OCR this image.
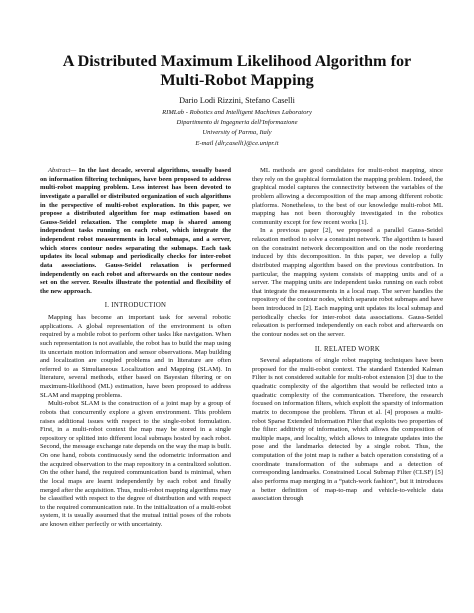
A Distributed Maximum Likelihood Algorithm for Multi-Robot Mapping
Dario Lodi Rizzini, Stefano Caselli
RIMLab - Robotics and Intelligent Machines Laboratory
Dipartimento di Ingegneria dell'Informazione
University of Parma, Italy
E-mail {dlr,caselli}@ce.unipr.it

Abstract— In the last decade, several algorithms, usually based on information filtering techniques, have been proposed to address multi-robot mapping problem. Less interest has been devoted to investigate a parallel or distributed organization of such algorithms in the perspective of multi-robot exploration. In this paper, we propose a distributed algorithm for map estimation based on Gauss-Seidel relaxation. The complete map is shared among independent tasks running on each robot, which integrate the independent robot measurements in local submaps, and a server, which stores contour nodes separating the submaps. Each task updates its local submap and periodically checks for inter-robot data associations. Gauss-Seidel relaxation is performed independently on each robot and afterwards on the contour nodes set on the server. Results illustrate the potential and flexibility of the new approach.

I. INTRODUCTION

Mapping has become an important task for several robotic applications. A global representation of the environment is often required by a mobile robot to perform other tasks like navigation. When such representation is not available, the robot has to build the map using its uncertain motion information and sensor observations. Map building and localization are coupled problems and in literature are often referred to as Simultaneous Localization and Mapping (SLAM). In literature, several methods, either based on Bayesian filtering or on maximum-likelihood (ML) estimation, have been proposed to address SLAM and mapping problems.

Multi-robot SLAM is the construction of a joint map by a group of robots that concurrently explore a given environment. This problem raises additional issues with respect to the single-robot formulation. First, in a multi-robot context the map may be stored in a single repository or splitted into different local submaps hosted by each robot. Second, the message exchange rate depends on the way the map is built. On one hand, robots continuously send the odometric information and the acquired observation to the map repository in a centralized solution. On the other hand, the required communication band is minimal, when the local maps are learnt independently by each robot and finally merged after the acquisition. Thus, multi-robot mapping algorithms may be classified with respect to the degree of distribution and with respect to the required communication rate. In the initialization of a multi-robot system, it is usually assumed that the mutual initial poses of the robots are known either perfectly or with uncertainty.

ML methods are good candidates for multi-robot mapping, since they rely on the graphical formulation the mapping problem. Indeed, the graphical model captures the connectivity between the variables of the problem allowing a decomposition of the map among different robotic platforms. Nonetheless, to the best of our knowledge multi-robot ML mapping has not been thoroughly investigated in the robotics community except for few recent works [1].

In a previous paper [2], we proposed a parallel Gauss-Seidel relaxation method to solve a constraint network. The algorithm is based on the constraint network decomposition and on the node reordering induced by this decomposition. In this paper, we develop a fully distributed mapping algorithm based on the previous contribution. In particular, the mapping system consists of mapping units and of a server. The mapping units are independent tasks running on each robot that integrate the measurements in a local map. The server handles the repository of the contour nodes, which separate robot submaps and have been introduced in [2]. Each mapping unit updates its local submap and periodically checks for inter-robot data associations. Gauss-Seidel relaxation is performed independently on each robot and afterwards on the contour nodes set on the server.

II. RELATED WORK

Several adaptations of single robot mapping techniques have been proposed for the multi-robot context. The standard Extended Kalman Filter is not considered suitable for multi-robot extension [3] due to the quadratic complexity of the algorithm that would be reflected into a quadratic complexity of the communication. Therefore, the research focused on information filters, which exploit the sparsity of information matrix to decompose the problem. Thrun et al. [4] proposes a multi-robot Sparse Extended Information Filter that exploits two properties of the filter: additivity of information, which allows the composition of multiple maps, and locality, which allows to integrate updates into the pose and the landmarks detected by a single robot. Thus, the computation of the joint map is rather a batch operation consisting of a coordinate transformation of the submaps and a detection of corresponding landmarks. Constrained Local Submap Filter (CLSF) [5] also performs map merging in a “patch-work fashion”, but it introduces a better definition of map-to-map and vehicle-to-vehicle data association through
